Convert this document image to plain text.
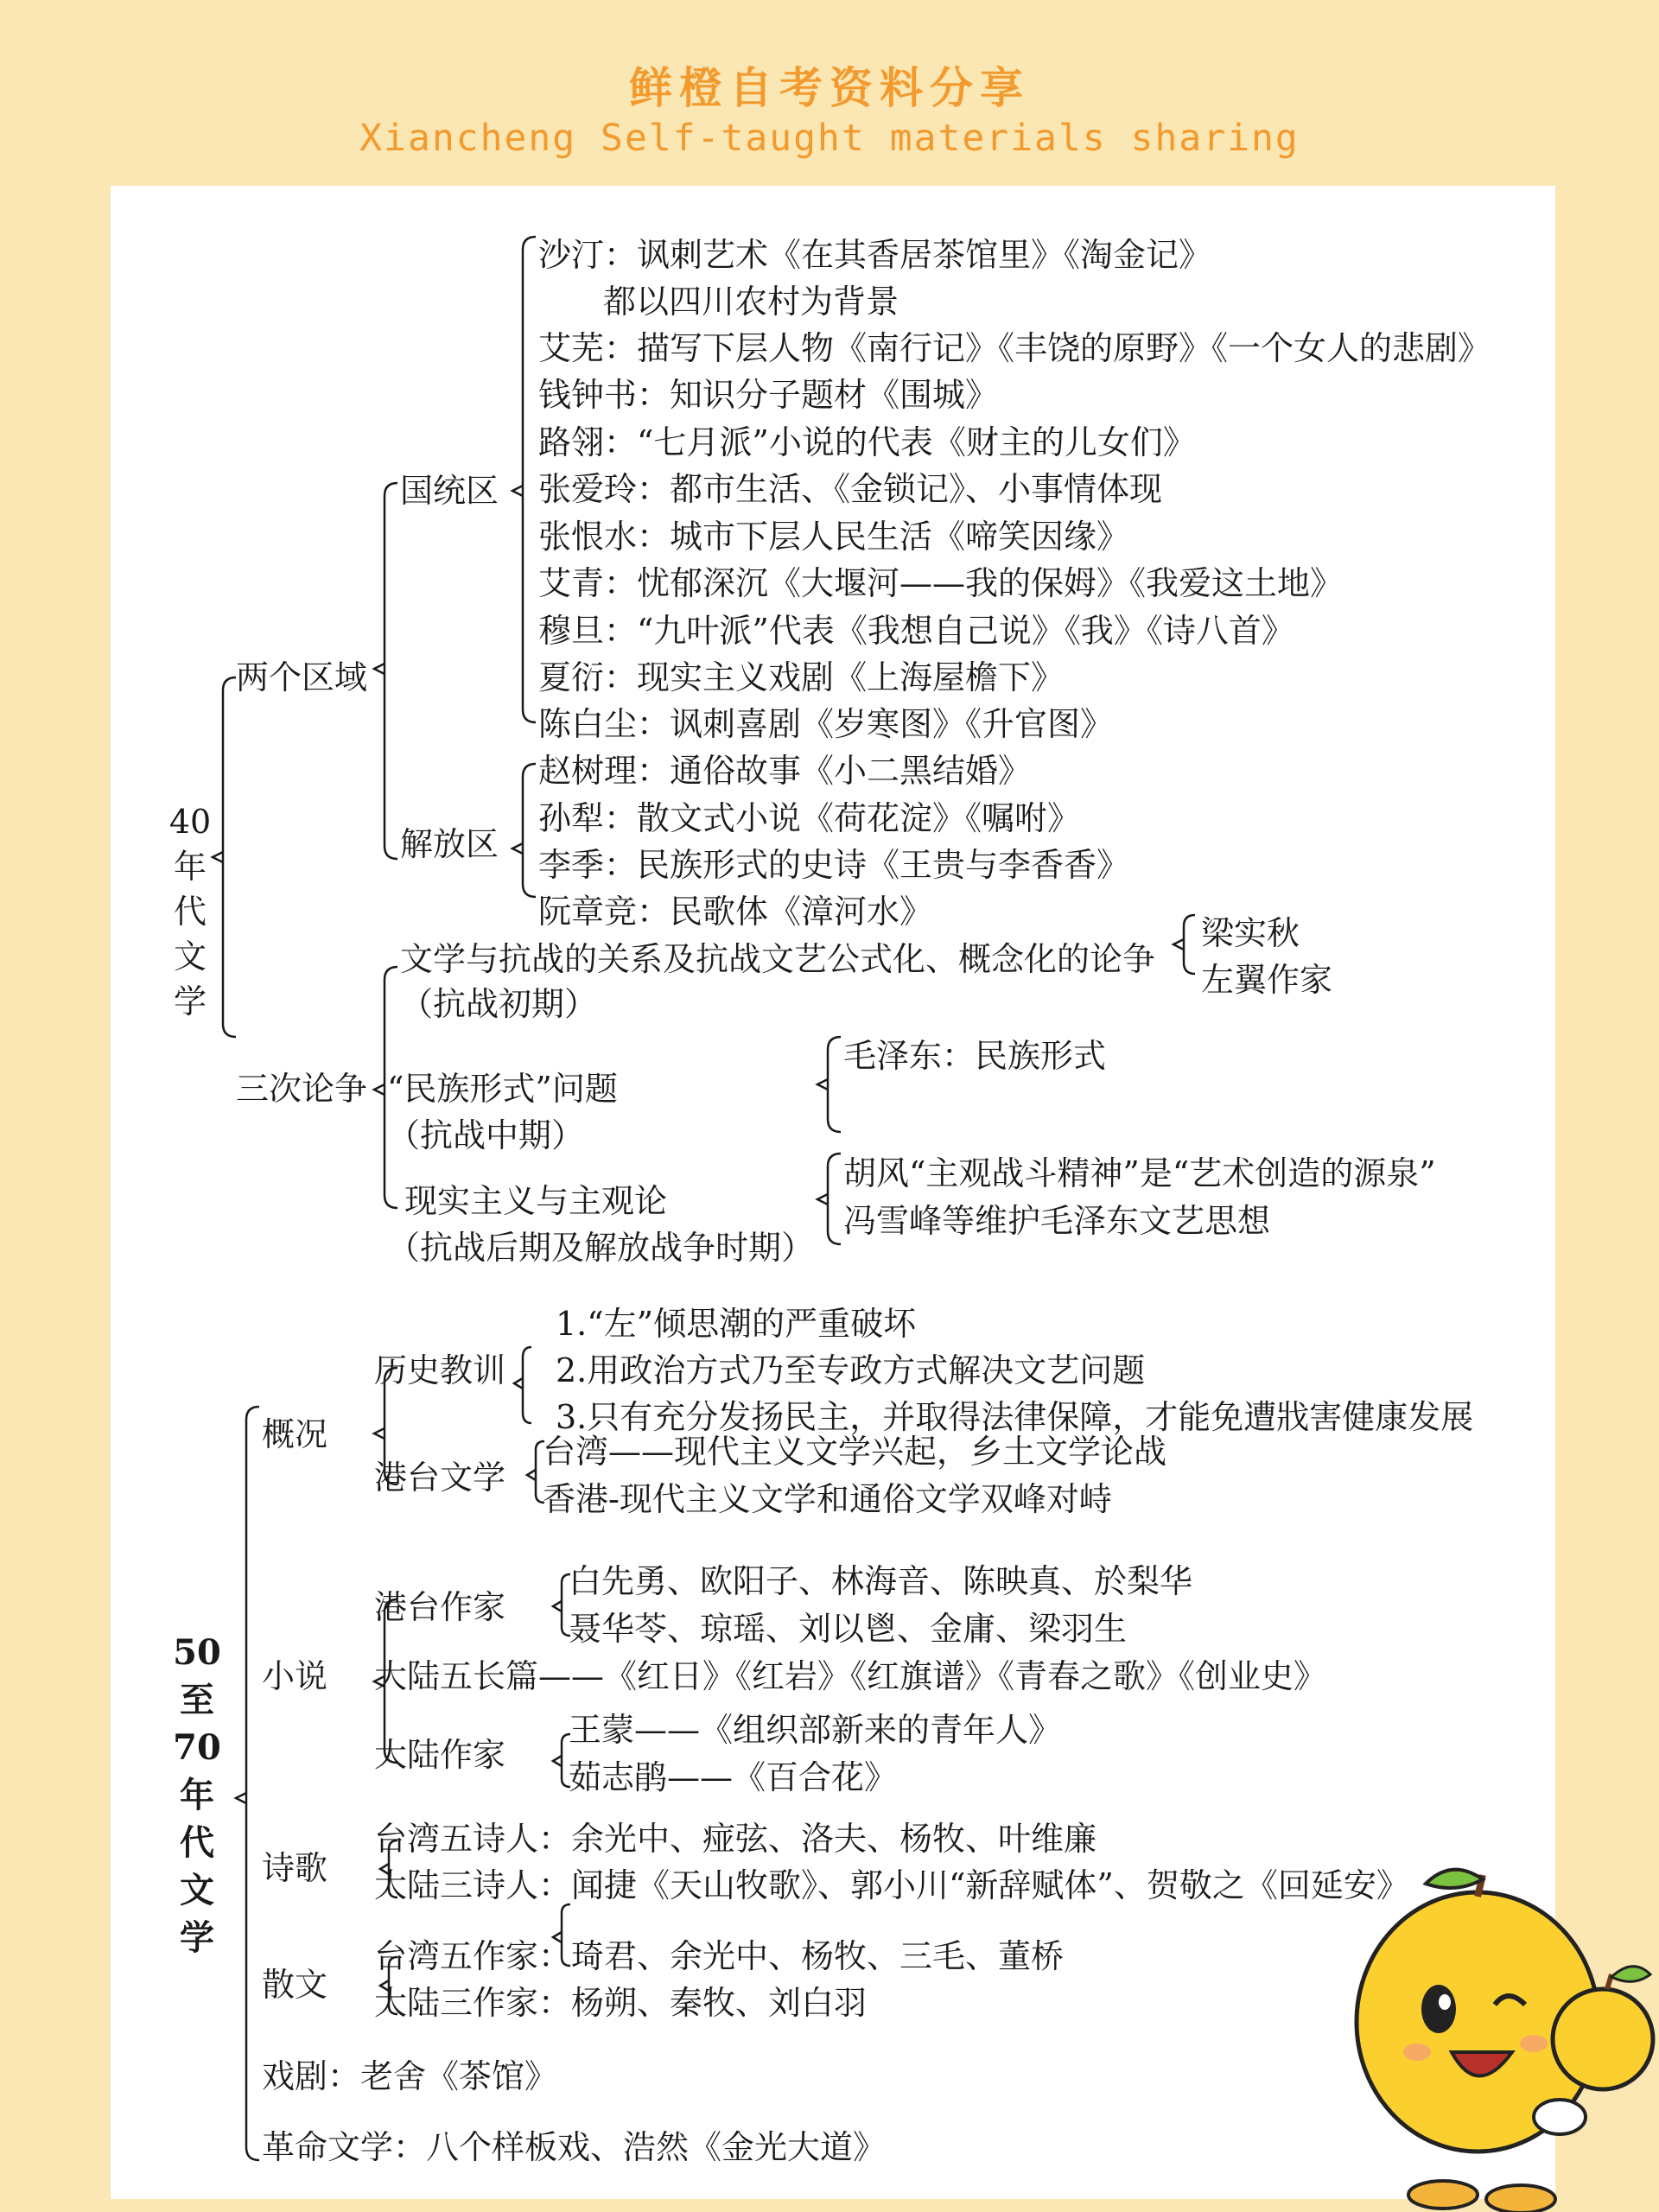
鲜橙自考资料分享
Xiancheng Self-taught materials sharing
40
年
代
文
学
两个区域
国统区
解放区
沙汀：讽刺艺术《在其香居茶馆里》《淘金记》
都以四川农村为背景
艾芜：描写下层人物《南行记》《丰饶的原野》《一个女人的悲剧》
钱钟书：知识分子题材《围城》
路翎：“七月派”小说的代表《财主的儿女们》
张爱玲：都市生活、《金锁记》、小事情体现
张恨水：城市下层人民生活《啼笑因缘》
艾青：忧郁深沉《大堰河——我的保姆》《我爱这土地》
穆旦：“九叶派”代表《我想自己说》《我》《诗八首》
夏衍：现实主义戏剧《上海屋檐下》
陈白尘：讽刺喜剧《岁寒图》《升官图》
赵树理：通俗故事《小二黑结婚》
孙犁：散文式小说《荷花淀》《嘱咐》
李季：民族形式的史诗《王贵与李香香》
阮章竞：民歌体《漳河水》
三次论争
文学与抗战的关系及抗战文艺公式化、概念化的论争
（抗战初期）
梁实秋
左翼作家
“民族形式”问题
（抗战中期）
毛泽东：民族形式
现实主义与主观论
（抗战后期及解放战争时期）
胡风“主观战斗精神”是“艺术创造的源泉”
冯雪峰等维护毛泽东文艺思想
50
至
70
年
代
文
学
概况
历史教训
1.“左”倾思潮的严重破坏
2.用政治方式乃至专政方式解决文艺问题
3.只有充分发扬民主，并取得法律保障，才能免遭戕害健康发展
港台文学
台湾——现代主义文学兴起，乡土文学论战
香港-现代主义文学和通俗文学双峰对峙
小说
港台作家
白先勇、欧阳子、林海音、陈映真、於梨华
聂华苓、琼瑶、刘以鬯、金庸、梁羽生
大陆五长篇——《红日》《红岩》《红旗谱》《青春之歌》《创业史》
大陆作家
王蒙——《组织部新来的青年人》
茹志鹃——《百合花》
诗歌
台湾五诗人：余光中、痖弦、洛夫、杨牧、叶维廉
大陆三诗人：闻捷《天山牧歌》、郭小川“新辞赋体”、贺敬之《回延安》
散文
台湾五作家：琦君、余光中、杨牧、三毛、董桥
大陆三作家：杨朔、秦牧、刘白羽
戏剧：老舍《茶馆》
革命文学：八个样板戏、浩然《金光大道》
